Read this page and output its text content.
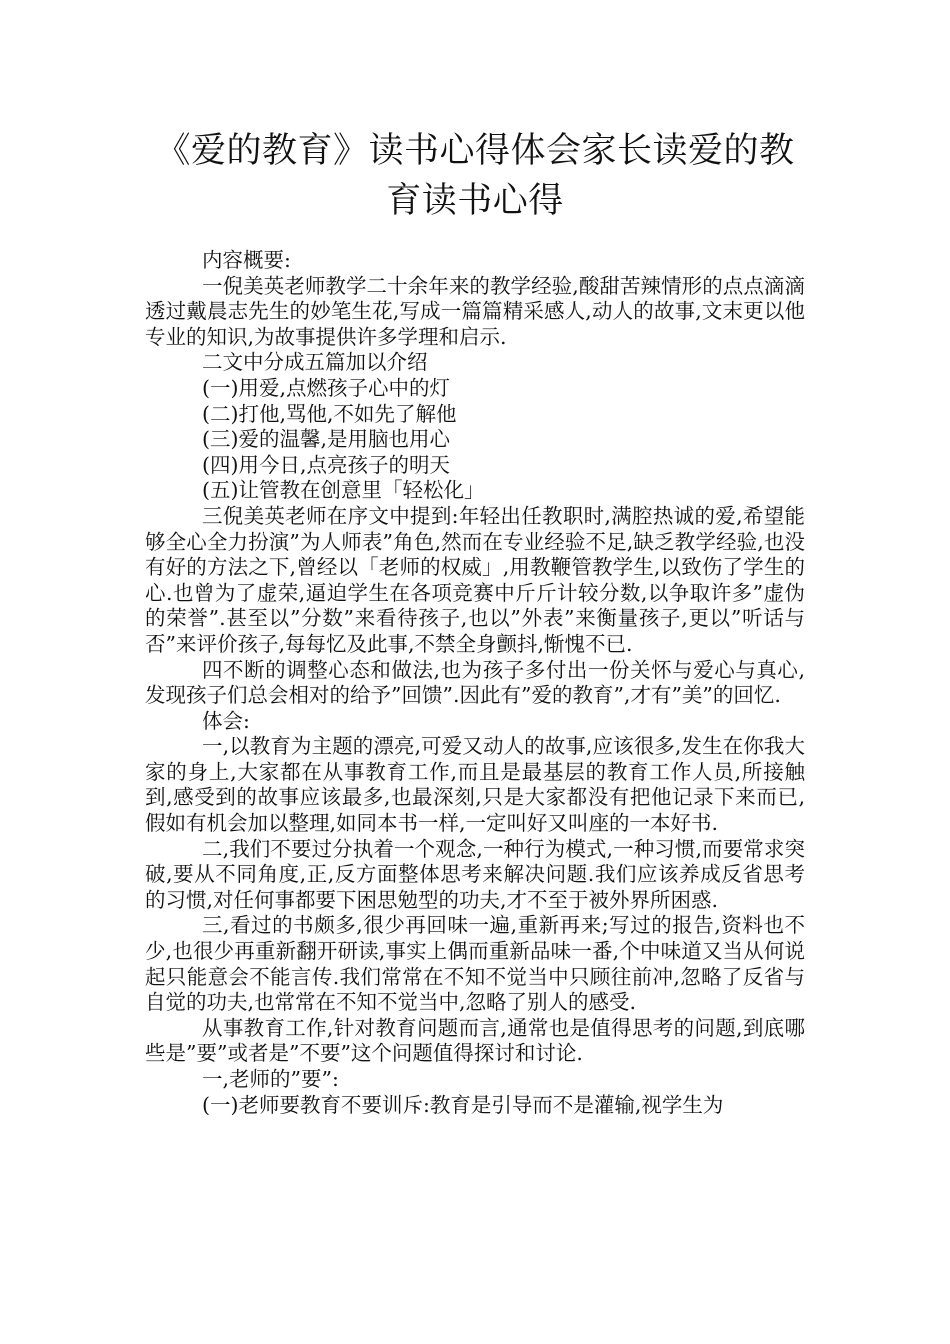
《爱的教育》读书心得体会家长读爱的教育读书心得

内容概要:

一倪美英老师教学二十余年来的教学经验,酸甜苦辣情形的点点滴滴透过戴晨志先生的妙笔生花,写成一篇篇精采感人,动人的故事,文末更以他专业的知识,为故事提供许多学理和启示.

二文中分成五篇加以介绍

(一)用爱,点燃孩子心中的灯

(二)打他,骂他,不如先了解他

(三)爱的温馨,是用脑也用心

(四)用今日,点亮孩子的明天

(五)让管教在创意里「轻松化」

三倪美英老师在序文中提到:年轻出任教职时,满腔热诚的爱,希望能够全心全力扮演”为人师表”角色,然而在专业经验不足,缺乏教学经验,也没有好的方法之下,曾经以「老师的权威」,用教鞭管教学生,以致伤了学生的心.也曾为了虚荣,逼迫学生在各项竞赛中斤斤计较分数,以争取许多”虚伪的荣誉”.甚至以”分数”来看待孩子,也以”外表”来衡量孩子,更以”听话与否”来评价孩子,每每忆及此事,不禁全身颤抖,惭愧不已.

四不断的调整心态和做法,也为孩子多付出一份关怀与爱心与真心,发现孩子们总会相对的给予”回馈”.因此有”爱的教育”,才有”美”的回忆.

体会:

一,以教育为主题的漂亮,可爱又动人的故事,应该很多,发生在你我大家的身上,大家都在从事教育工作,而且是最基层的教育工作人员,所接触到,感受到的故事应该最多,也最深刻,只是大家都没有把他记录下来而已,假如有机会加以整理,如同本书一样,一定叫好又叫座的一本好书.

二,我们不要过分执着一个观念,一种行为模式,一种习惯,而要常求突破,要从不同角度,正,反方面整体思考来解决问题.我们应该养成反省思考的习惯,对任何事都要下困思勉型的功夫,才不至于被外界所困惑.

三,看过的书颇多,很少再回味一遍,重新再来;写过的报告,资料也不少,也很少再重新翻开研读,事实上偶而重新品味一番,个中味道又当从何说起只能意会不能言传.我们常常在不知不觉当中只顾往前冲,忽略了反省与自觉的功夫,也常常在不知不觉当中,忽略了别人的感受.

从事教育工作,针对教育问题而言,通常也是值得思考的问题,到底哪些是”要”或者是”不要”这个问题值得探讨和讨论.

一,老师的”要”:

(一)老师要教育不要训斥:教育是引导而不是灌输,视学生为
